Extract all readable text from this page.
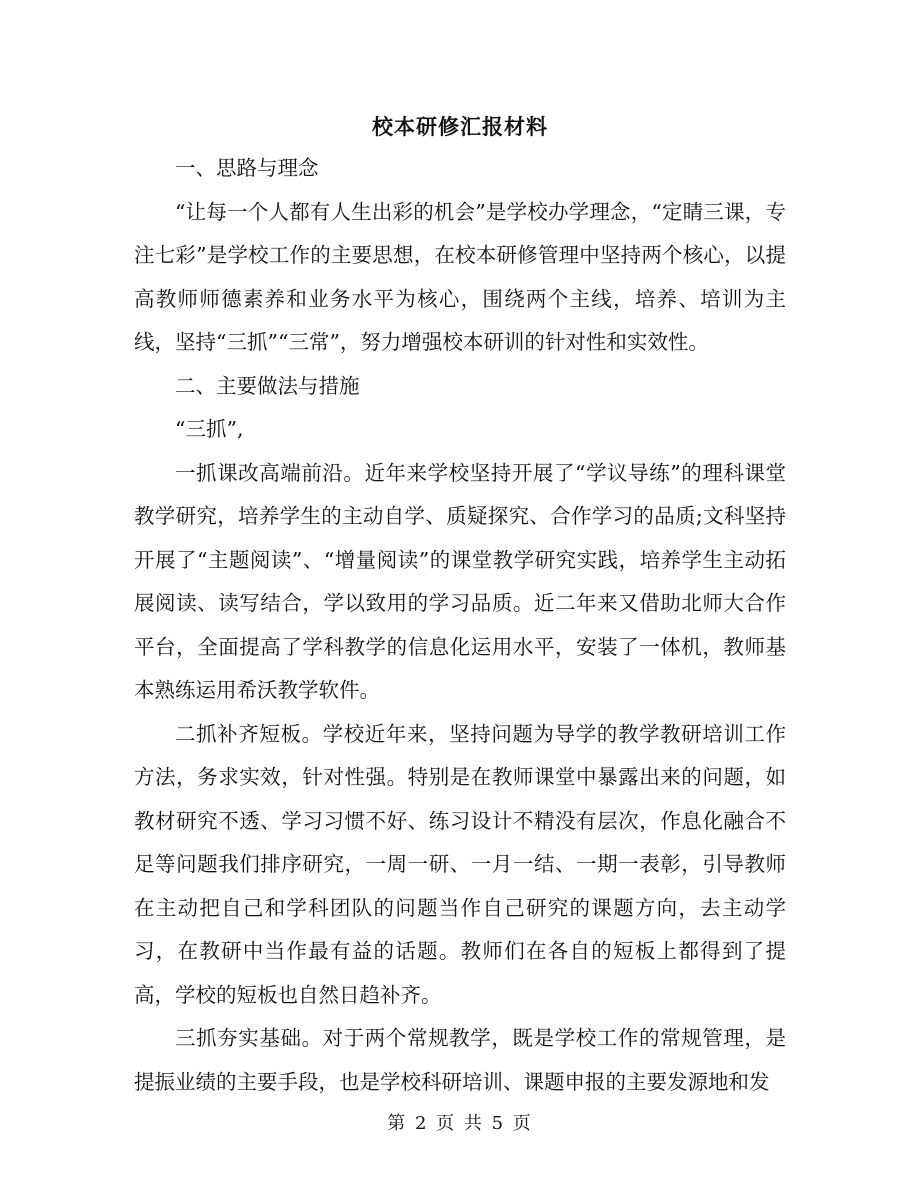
校本研修汇报材料

一、思路与理念

“让每一个人都有人生出彩的机会”是学校办学理念，“定睛三课，专注七彩”是学校工作的主要思想，在校本研修管理中坚持两个核心，以提高教师师德素养和业务水平为核心，围绕两个主线，培养、培训为主线，坚持“三抓”“三常”，努力增强校本研训的针对性和实效性。

二、主要做法与措施

“三抓”,

一抓课改高端前沿。近年来学校坚持开展了“学议导练”的理科课堂教学研究，培养学生的主动自学、质疑探究、合作学习的品质;文科坚持开展了“主题阅读”、“增量阅读”的课堂教学研究实践，培养学生主动拓展阅读、读写结合，学以致用的学习品质。近二年来又借助北师大合作平台，全面提高了学科教学的信息化运用水平，安装了一体机，教师基本熟练运用希沃教学软件。

二抓补齐短板。学校近年来，坚持问题为导学的教学教研培训工作方法，务求实效，针对性强。特别是在教师课堂中暴露出来的问题，如教材研究不透、学习习惯不好、练习设计不精没有层次，作息化融合不足等问题我们排序研究，一周一研、一月一结、一期一表彰，引导教师在主动把自己和学科团队的问题当作自己研究的课题方向，去主动学习，在教研中当作最有益的话题。教师们在各自的短板上都得到了提高，学校的短板也自然日趋补齐。

三抓夯实基础。对于两个常规教学，既是学校工作的常规管理，是提振业绩的主要手段，也是学校科研培训、课题申报的主要发源地和发

第 2 页 共 5 页
